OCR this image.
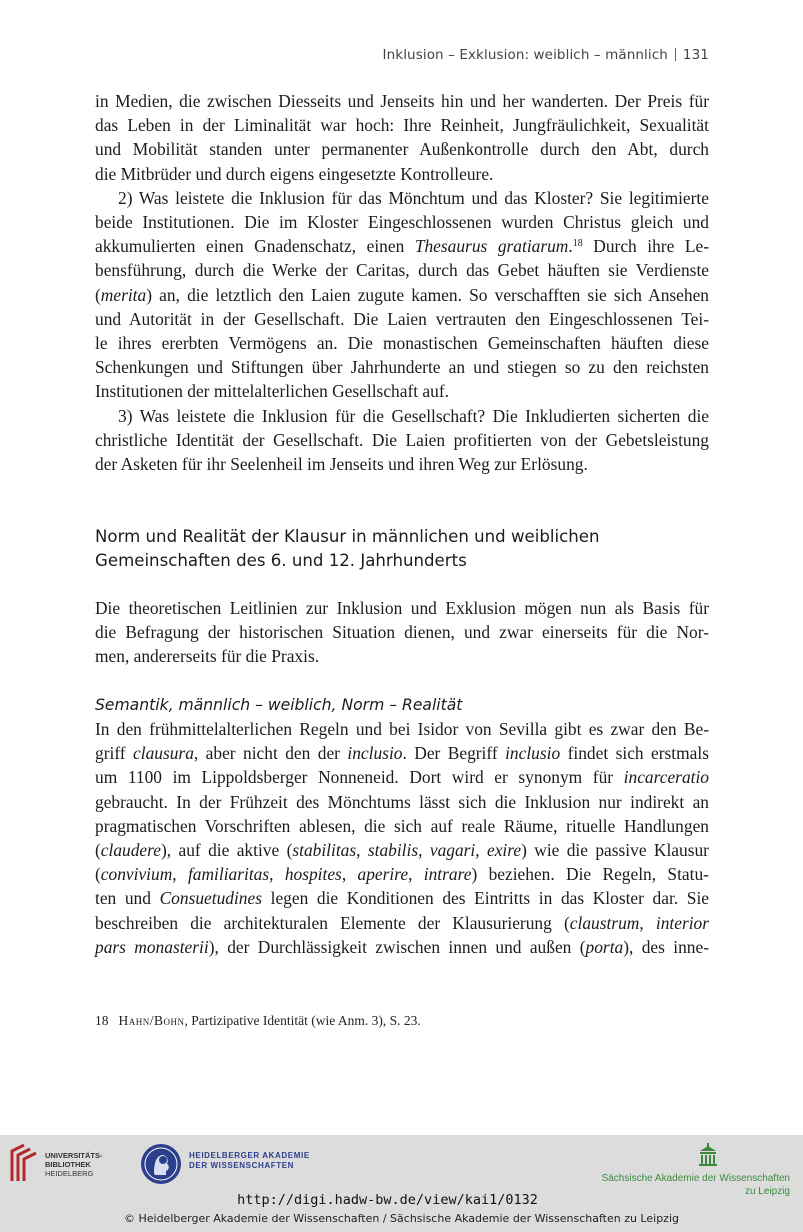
Inklusion – Exklusion: weiblich – männlich 131
in Medien, die zwischen Diesseits und Jenseits hin und her wanderten. Der Preis für
das Leben in der Liminalität war hoch: Ihre Reinheit, Jungfräulichkeit, Sexualität
und Mobilität standen unter permanenter Außenkontrolle durch den Abt, durch
die Mitbrüder und durch eigens eingesetzte Kontrolleure.
2) Was leistete die Inklusion für das Mönchtum und das Kloster? Sie legitimierte
beide Institutionen. Die im Kloster Eingeschlossenen wurden Christus gleich und
akkumulierten einen Gnadenschatz, einen Thesaurus gratiarum.$^{18}$ Durch ihre Le-
bensführung, durch die Werke der Caritas, durch das Gebet häuften sie Verdienste
(merita) an, die letztlich den Laien zugute kamen. So verschafften sie sich Ansehen
und Autorität in der Gesellschaft. Die Laien vertrauten den Eingeschlossenen Tei-
le ihres ererbten Vermögens an. Die monastischen Gemeinschaften häuften diese
Schenkungen und Stiftungen über Jahrhunderte an und stiegen so zu den reichsten
Institutionen der mittelalterlichen Gesellschaft auf.
3) Was leistete die Inklusion für die Gesellschaft? Die Inkludierten sicherten die
christliche Identität der Gesellschaft. Die Laien profitierten von der Gebetsleistung
der Asketen für ihr Seelenheil im Jenseits und ihren Weg zur Erlösung.
Norm und Realität der Klausur in männlichen und weiblichen
Gemeinschaften des 6. und 12. Jahrhunderts
Die theoretischen Leitlinien zur Inklusion und Exklusion mögen nun als Basis für
die Befragung der historischen Situation dienen, und zwar einerseits für die Nor-
men, andererseits für die Praxis.
Semantik, männlich – weiblich, Norm – Realität
In den frühmittelalterlichen Regeln und bei Isidor von Sevilla gibt es zwar den Be-
griff clausura, aber nicht den der inclusio. Der Begriff inclusio findet sich erstmals
um 1100 im Lippoldsberger Nonneneid. Dort wird er synonym für incarceratio
gebraucht. In der Frühzeit des Mönchtums lässt sich die Inklusion nur indirekt an
pragmatischen Vorschriften ablesen, die sich auf reale Räume, rituelle Handlungen
(claudere), auf die aktive (stabilitas, stabilis, vagari, exire) wie die passive Klausur
(convivium, familiaritas, hospites, aperire, intrare) beziehen. Die Regeln, Statu-
ten und Consuetudines legen die Konditionen des Eintritts in das Kloster dar. Sie
beschreiben die architekturalen Elemente der Klausurierung (claustrum, interior
pars monasterii), der Durchlässigkeit zwischen innen und außen (porta), des inne-
18 Hahn/Bohn, Partizipative Identität (wie Anm. 3), S. 23.
UNIVERSITÄTS-
BIBLIOTHEK
HEIDELBERG
HEIDELBERGER AKADEMIE
DER WISSENSCHAFTEN
Sächsische Akademie der Wissenschaften
zu Leipzig
http://digi.hadw-bw.de/view/kai1/0132
© Heidelberger Akademie der Wissenschaften / Sächsische Akademie der Wissenschaften zu Leipzig
